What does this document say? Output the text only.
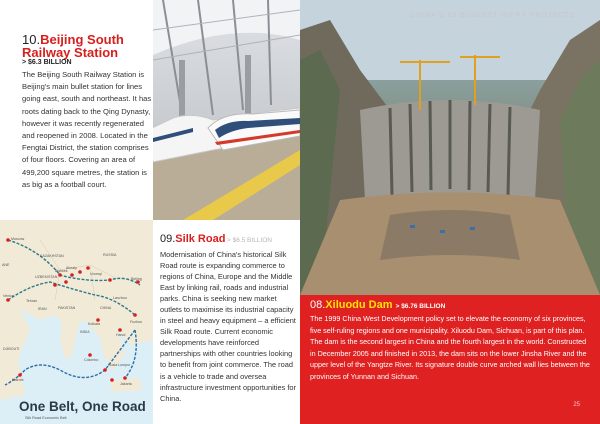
10.Beijing South Railway Station
> $6.3 BILLION
The Beijing South Railway Station is Beijing's main bullet station for lines going east, south and northeast. It has roots dating back to the Qing Dynasty, however it was recently regenerated and reopened in 2008. Located in the Fengtai District, the station comprises of four floors. Covering an area of 499,200 square metres, the station is as big as a football court.
CHINA’S 10 BIGGEST INFRA PROJECTS
Moscow
KAZAKHSTAN	RUSSIA
UZBEKISTAN
Bishkek
Almaty
Urumqi
Tehran
IRAN	PAKISTAN	CHINA
Lanzhou
Beijing
INDIA
Kolkata	Fuzhou
Hanoi
Colombo
Kuala Lumpur
Jakarta
DJIBOUTI
Nairobi
Venice
ANE
One Belt, One Road
Silk Road Economic Belt
09.Silk Road > $6.5 BILLION
Modernisation of China's historical Silk Road route is expanding commerce to regions of China, Europe and the Middle East by linking rail, roads and industrial parks. China is seeking new market outlets to maximise its industrial capacity in steel and heavy equipment – a efficient Silk Road route. Current economic developments have reinforced partnerships with other countries looking to benefit from joint commerce. The road is a vehicle to trade and oversea infrastructure investment opportunities for China.
08.Xiluodu Dam > $6.76 BILLION
The 1999 China West Development policy set to elevate the economy of six provinces, five self-ruling regions and one municipality. Xiluodu Dam, Sichuan, is part of this plan. The dam is the second largest in China and the fourth largest in the world. Constructed in December 2005 and finished in 2013, the dam sits on the lower Jinsha River and the upper level of the Yangtze River. Its signature double curve arched wall lies between the provinces of Yunnan and Sichuan.
25
